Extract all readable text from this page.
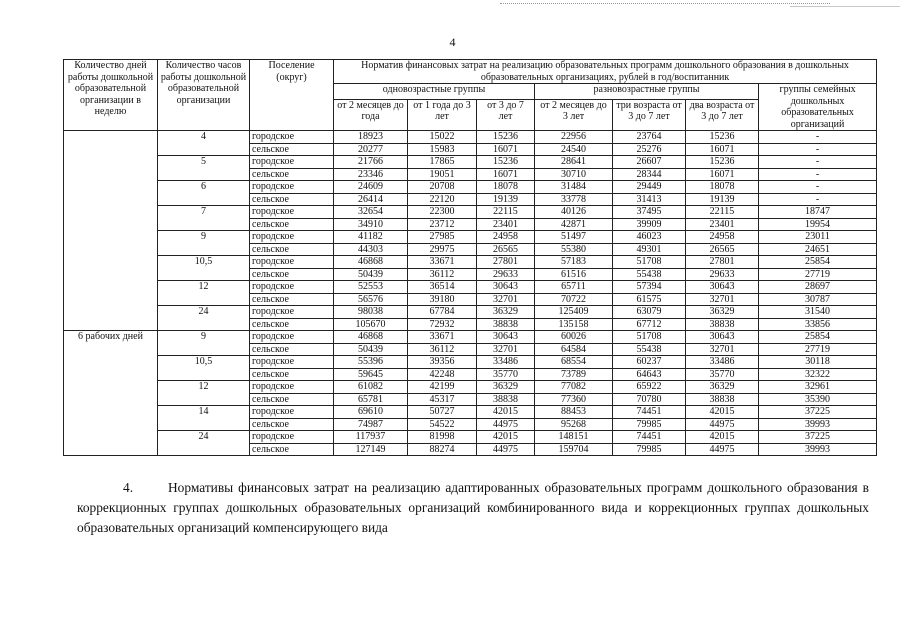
4
Количество дней работы дошкольной образовательной организации в неделю	Количество часов работы дошкольной образовательной организации	Поселение (округ)	Норматив финансовых затрат на реализацию образовательных программ дошкольного образования в дошкольных образовательных организациях, рублей в год/воспитанник						
			одновозрастные группы			разновозрастные группы			группы семейных дошкольных образовательных организаций
			от 2 месяцев до года	от 1 года до 3 лет	от 3 до 7 лет	от 2 месяцев до 3 лет	три возраста от 3 до 7 лет	два возраста от 3 до 7 лет	
	4	городское	18923	15022	15236	22956	23764	15236	-
		сельское	20277	15983	16071	24540	25276	16071	-
	5	городское	21766	17865	15236	28641	26607	15236	-
		сельское	23346	19051	16071	30710	28344	16071	-
	6	городское	24609	20708	18078	31484	29449	18078	-
		сельское	26414	22120	19139	33778	31413	19139	-
	7	городское	32654	22300	22115	40126	37495	22115	18747
		сельское	34910	23712	23401	42871	39909	23401	19954
	9	городское	41182	27985	24958	51497	46023	24958	23011
		сельское	44303	29975	26565	55380	49301	26565	24651
	10,5	городское	46868	33671	27801	57183	51708	27801	25854
		сельское	50439	36112	29633	61516	55438	29633	27719
	12	городское	52553	36514	30643	65711	57394	30643	28697
		сельское	56576	39180	32701	70722	61575	32701	30787
	24	городское	98038	67784	36329	125409	63079	36329	31540
		сельское	105670	72932	38838	135158	67712	38838	33856
6 рабочих дней	9	городское	46868	33671	30643	60026	51708	30643	25854
		сельское	50439	36112	32701	64584	55438	32701	27719
	10,5	городское	55396	39356	33486	68554	60237	33486	30118
		сельское	59645	42248	35770	73789	64643	35770	32322
	12	городское	61082	42199	36329	77082	65922	36329	32961
		сельское	65781	45317	38838	77360	70780	38838	35390
	14	городское	69610	50727	42015	88453	74451	42015	37225
		сельское	74987	54522	44975	95268	79985	44975	39993
	24	городское	117937	81998	42015	148151	74451	42015	37225
		сельское	127149	88274	44975	159704	79985	44975	39993
4.	Нормативы финансовых затрат на реализацию адаптированных образовательных программ дошкольного образования в коррекционных группах дошкольных образовательных организаций комбинированного вида и коррекционных группах дошкольных образовательных организаций компенсирующего вида
